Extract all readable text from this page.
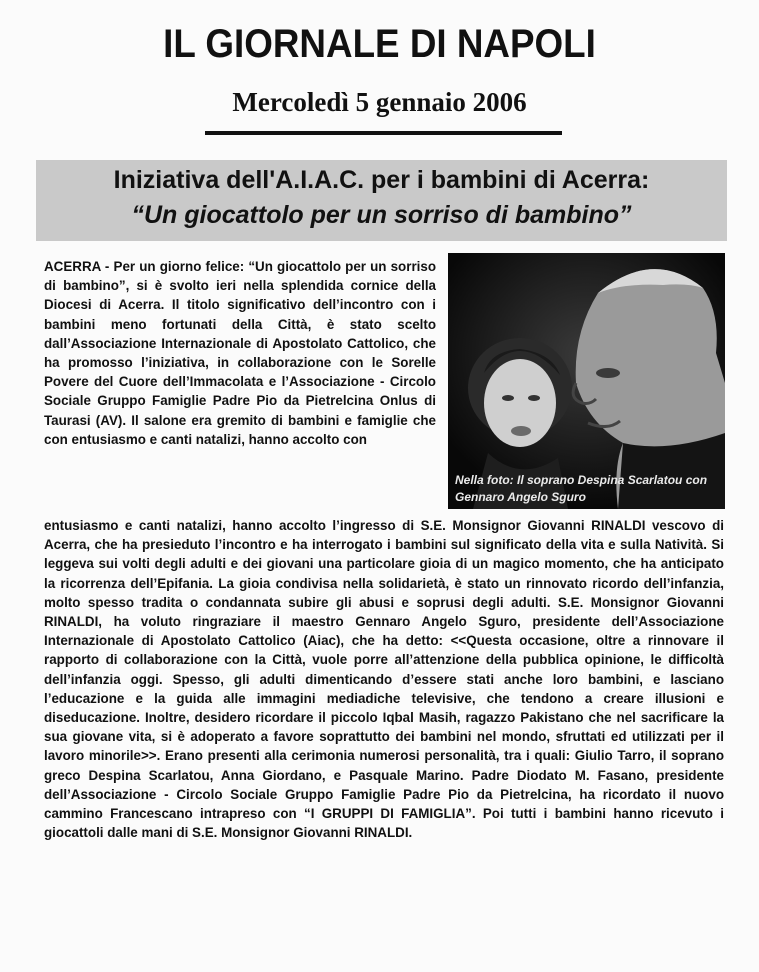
IL GIORNALE DI NAPOLI
Mercoledì 5 gennaio 2006
Iniziativa dell'A.I.A.C. per i bambini di Acerra:
“Un giocattolo per un sorriso di bambino”
Nella foto: Il soprano Despina Scarlatou con Gennaro Angelo Sguro
ACERRA - Per un giorno felice: “Un giocattolo per un sorriso di bambino”, si è svolto ieri nella splendida cornice della Diocesi di Acerra. Il titolo significativo dell’incontro con i bambini meno fortunati della Città, è stato scelto dall’Associazione Internazionale di Apostolato Cattolico, che ha promosso l’iniziativa, in collaborazione con le Sorelle Povere del Cuore dell’Immacolata e l’Associazione - Circolo Sociale Gruppo Famiglie Padre Pio da Pietrelcina Onlus di Taurasi (AV). Il salone era gremito di bambini e famiglie che con entusiasmo e canti natalizi, hanno accolto con
entusiasmo e canti natalizi, hanno accolto l’ingresso di S.E. Monsignor Giovanni RINALDI vescovo di Acerra, che ha presieduto l’incontro e ha interrogato i bambini sul significato della vita e sulla Natività. Si leggeva sui volti degli adulti e dei giovani una particolare gioia di un magico momento, che ha anticipato la ricorrenza dell’Epifania. La gioia condivisa nella solidarietà, è stato un rinnovato ricordo dell’infanzia, molto spesso tradita o condannata subire gli abusi e soprusi degli adulti. S.E. Monsignor Giovanni RINALDI, ha voluto ringraziare il maestro Gennaro Angelo Sguro, presidente dell’Associazione Internazionale di Apostolato Cattolico (Aiac), che ha detto: <<Questa occasione, oltre a rinnovare il rapporto di collaborazione con la Città, vuole porre all’attenzione della pubblica opinione, le difficoltà dell’infanzia oggi. Spesso, gli adulti dimenticando d’essere stati anche loro bambini, e lasciano l’educazione e la guida alle immagini mediadiche televisive, che tendono a creare illusioni e diseducazione. Inoltre, desidero ricordare il piccolo Iqbal Masih, ragazzo Pakistano che nel sacrificare la sua giovane vita, si è adoperato a favore soprattutto dei bambini nel mondo, sfruttati ed utilizzati per il lavoro minorile>>. Erano presenti alla cerimonia numerosi personalità, tra i quali: Giulio Tarro, il soprano greco Despina Scarlatou, Anna Giordano, e Pasquale Marino. Padre Diodato M. Fasano, presidente dell’Associazione - Circolo Sociale Gruppo Famiglie Padre Pio da Pietrelcina, ha ricordato il nuovo cammino Francescano intrapreso con “I GRUPPI DI FAMIGLIA”. Poi tutti i bambini hanno ricevuto i giocattoli dalle mani di S.E. Monsignor Giovanni RINALDI.
